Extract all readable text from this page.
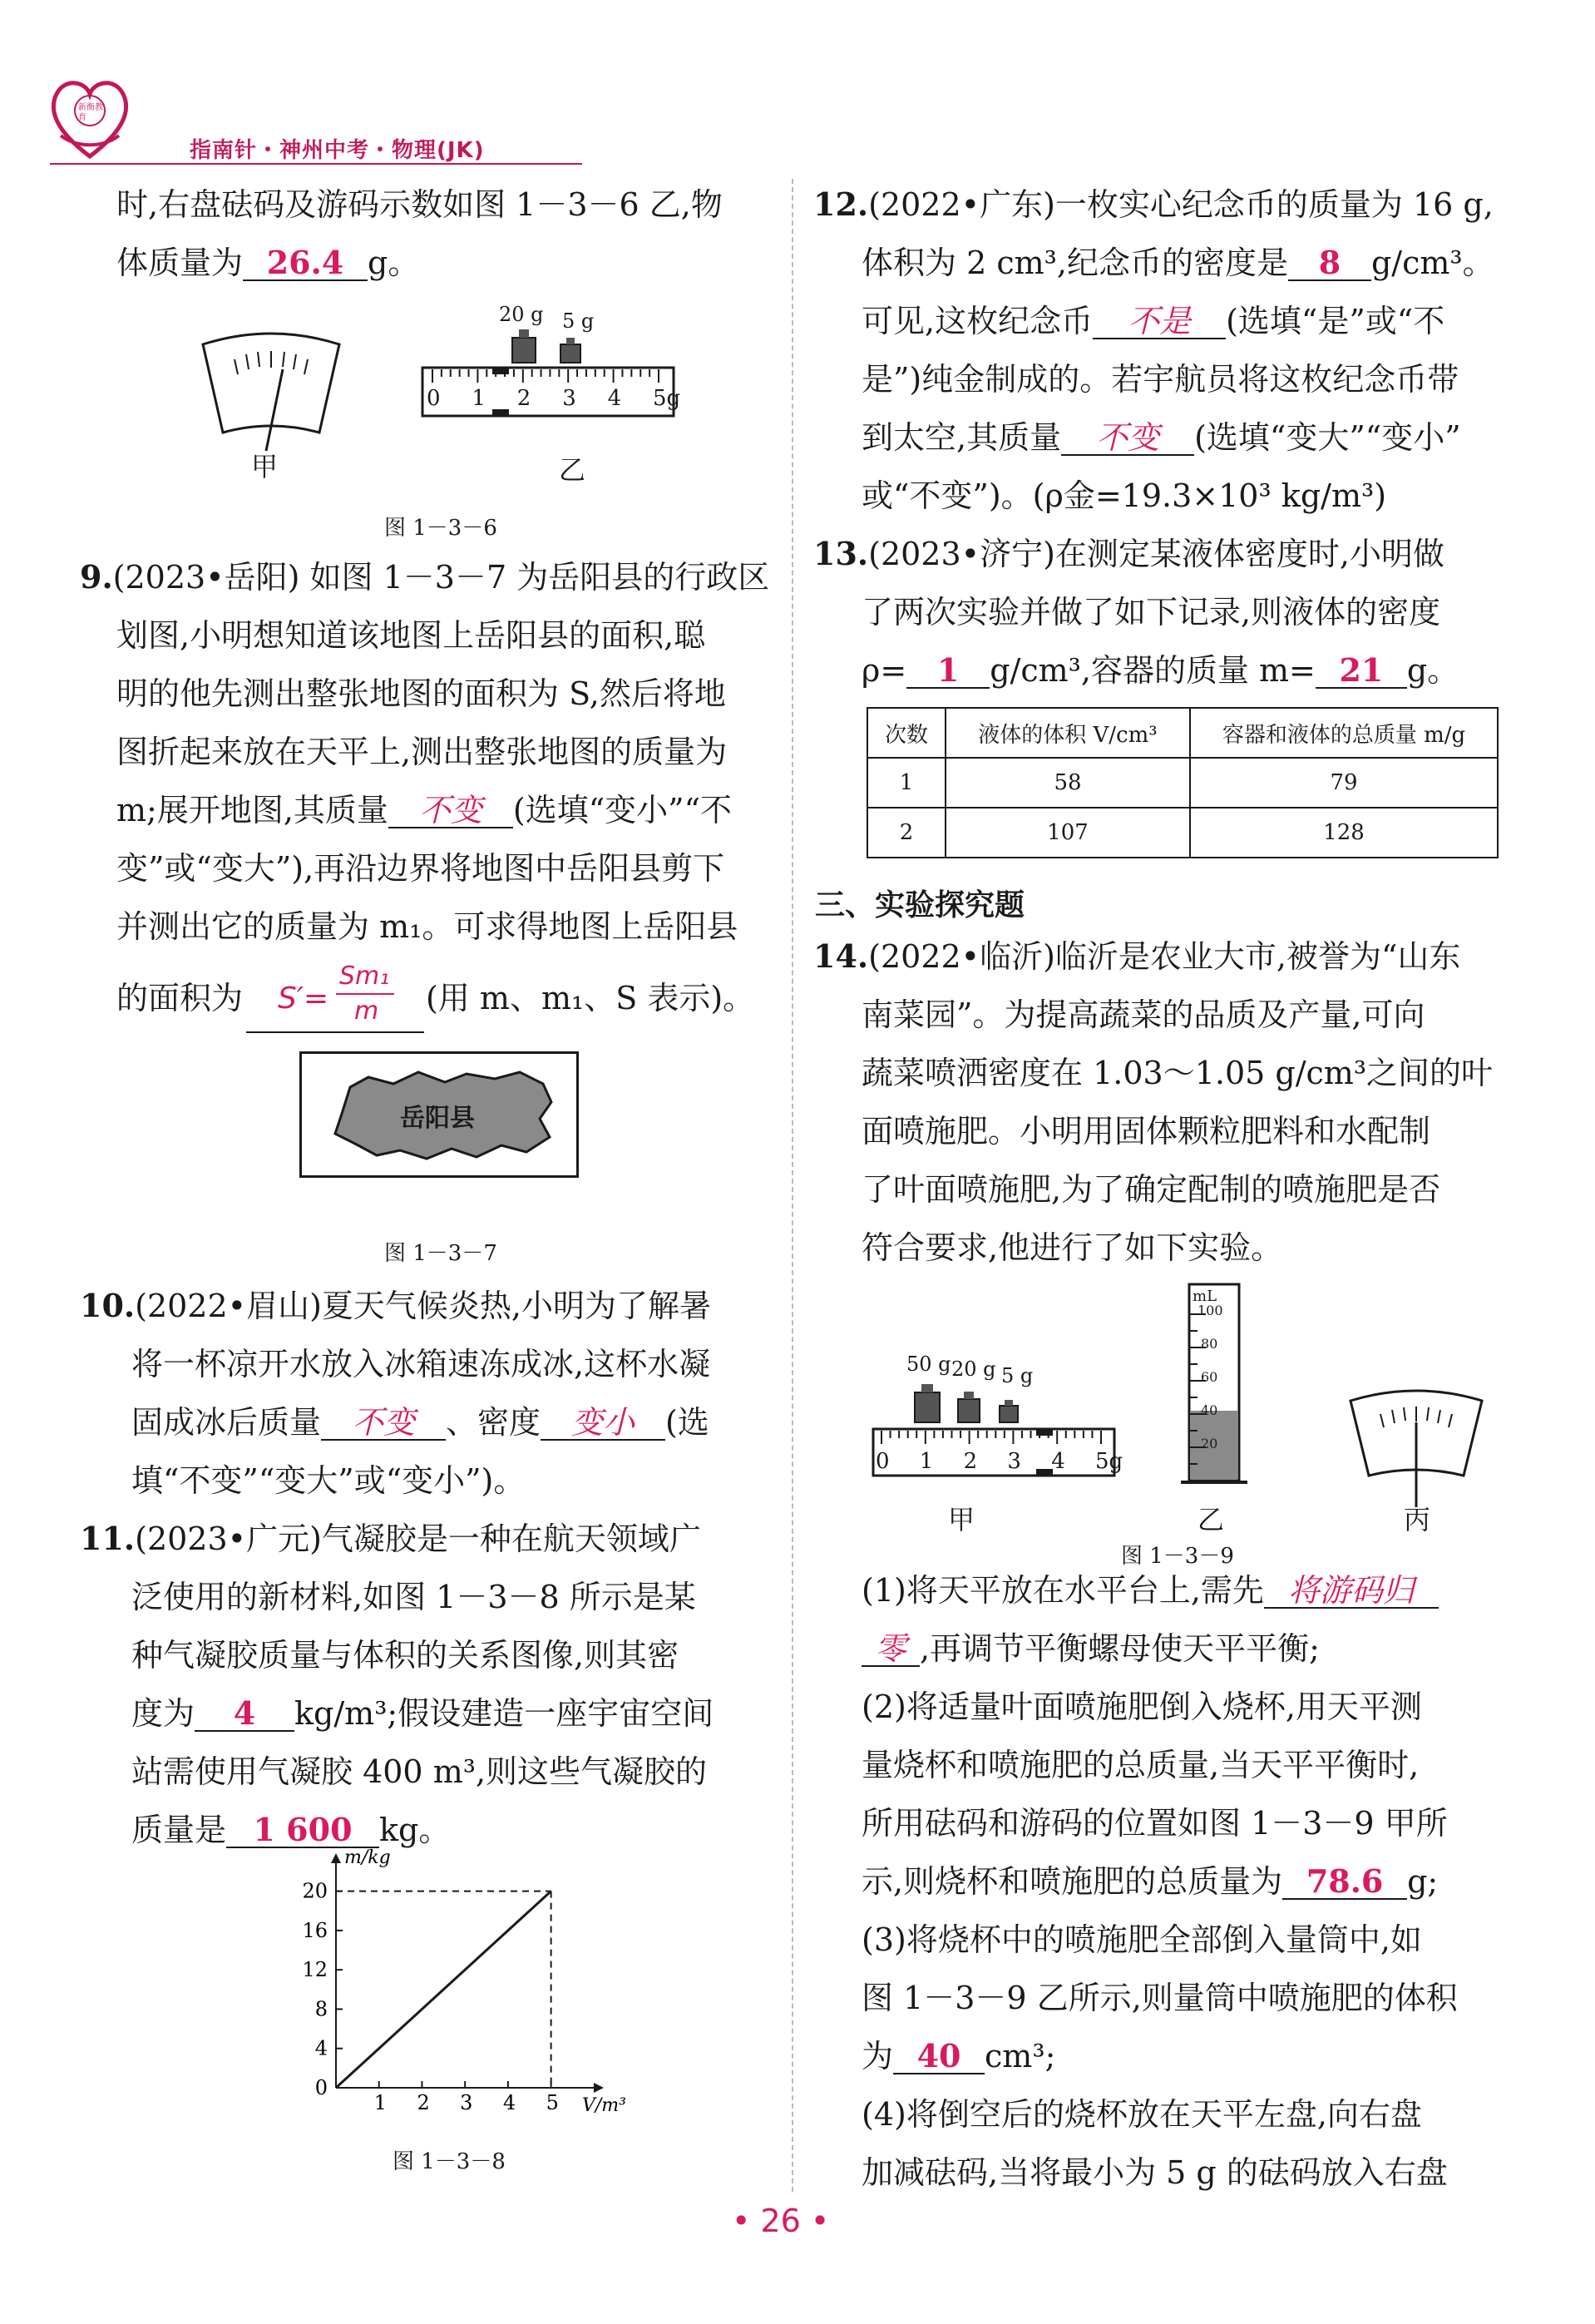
新衡教育
指南针・神州中考・物理(JK)
时,右盘砝码及游码示数如图 1－3－6 乙,物
体质量为 26.4 g。
甲
20 g 5 g
0 1 2 3 4 5g
乙
图 1－3－6
9.(2023•岳阳) 如图 1－3－7 为岳阳县的行政区
划图,小明想知道该地图上岳阳县的面积,聪
明的他先测出整张地图的面积为 S,然后将地
图折起来放在天平上,测出整张地图的质量为
m;展开地图,其质量 不变 (选填“变小”“不
变”或“变大”),再沿边界将地图中岳阳县剪下
并测出它的质量为 m₁。可求得地图上岳阳县
的面积为 S′=
Sm₁
m (用 m、m₁、S 表示)。
岳阳县
图 1－3－7
10.(2022•眉山)夏天气候炎热,小明为了解暑
将一杯凉开水放入冰箱速冻成冰,这杯水凝
固成冰后质量 不变 、密度 变小 (选
填“不变”“变大”或“变小”)。
11.(2023•广元)气凝胶是一种在航天领域广
泛使用的新材料,如图 1－3－8 所示是某
种气凝胶质量与体积的关系图像,则其密
度为 4 kg/m³;假设建造一座宇宙空间
站需使用气凝胶 400 m³,则这些气凝胶的
质量是 1 600 kg。
1 2 3 4 5
0
4
8
12
16
20
V/m³
m/kg
图 1－3－8
12.(2022•广东)一枚实心纪念币的质量为 16 g,
体积为 2 cm³,纪念币的密度是 8 g/cm³。
可见,这枚纪念币 不是 (选填“是”或“不
是”)纯金制成的。若宇航员将这枚纪念币带
到太空,其质量 不变 (选填“变大”“变小”
或“不变”)。(ρ金=19.3×10³ kg/m³)
13.(2023•济宁)在测定某液体密度时,小明做
了两次实验并做了如下记录,则液体的密度
ρ= 1 g/cm³,容器的质量 m= 21 g。
次数	液体的体积 V/cm³	容器和液体的总质量 m/g
1	58	79
2	107	128
三、实验探究题
14.(2022•临沂)临沂是农业大市,被誉为“山东
南菜园”。为提高蔬菜的品质及产量,可向
蔬菜喷洒密度在 1.03～1.05 g/cm³之间的叶
面喷施肥。小明用固体颗粒肥料和水配制
了叶面喷施肥,为了确定配制的喷施肥是否
符合要求,他进行了如下实验。
50 g 20 g 5 g
0 1 2 3 4 5g
甲
mL
100
80
60
40
20
乙	丙
图 1－3－9
(1)将天平放在水平台上,需先 将游码归
零 ,再调节平衡螺母使天平平衡;
(2)将适量叶面喷施肥倒入烧杯,用天平测
量烧杯和喷施肥的总质量,当天平平衡时,
所用砝码和游码的位置如图 1－3－9 甲所
示,则烧杯和喷施肥的总质量为 78.6 g;
(3)将烧杯中的喷施肥全部倒入量筒中,如
图 1－3－9 乙所示,则量筒中喷施肥的体积
为 40 cm³;
(4)将倒空后的烧杯放在天平左盘,向右盘
加减砝码,当将最小为 5 g 的砝码放入右盘
• 26 •
